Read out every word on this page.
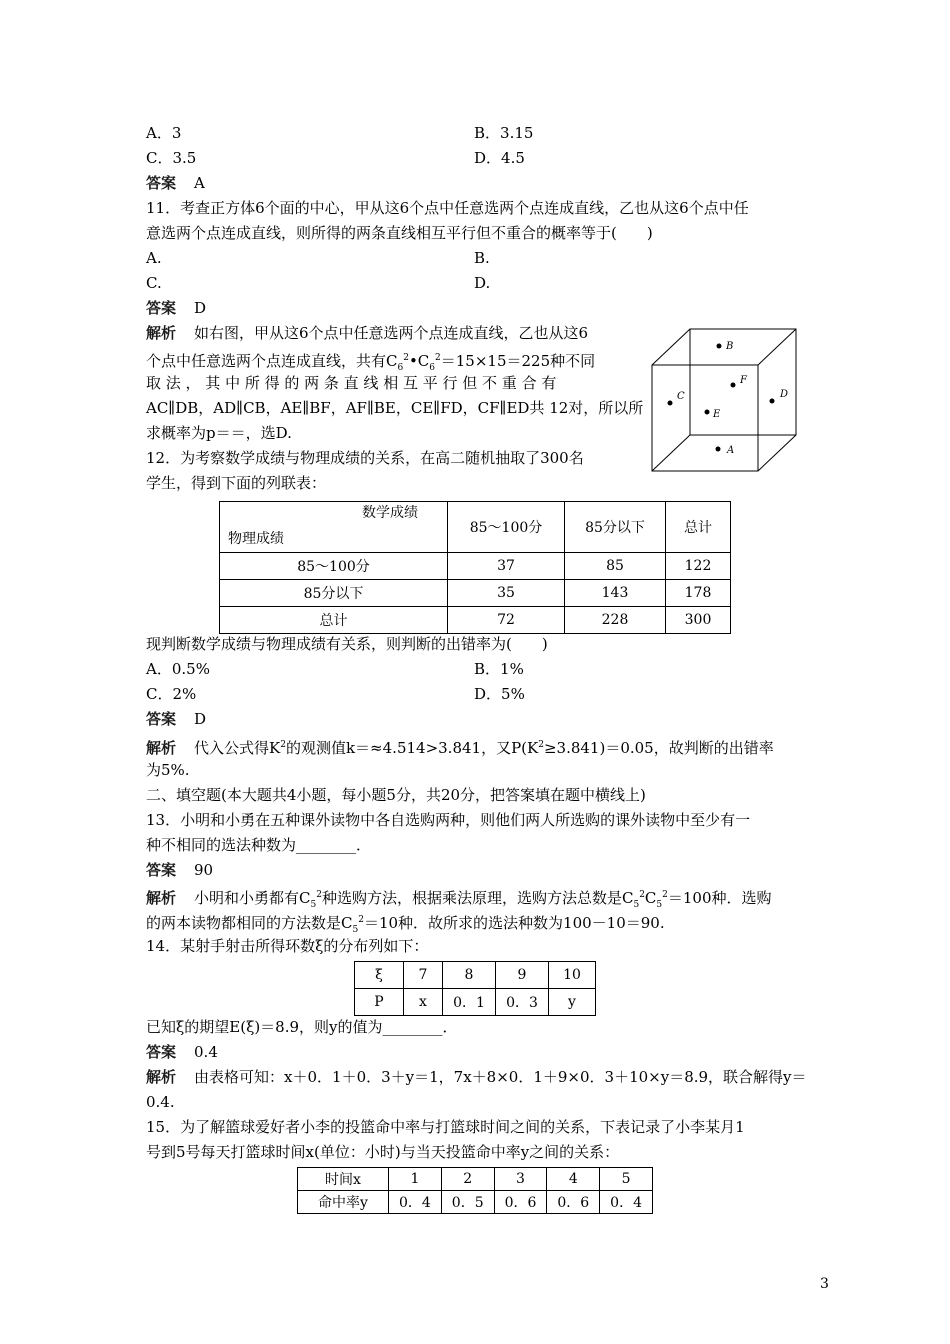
A．3	B．3.15
C．3.5	D．4.5
答案 A
11．考查正方体6个面的中心，甲从这6个点中任意选两个点连成直线，乙也从这6个点中任
意选两个点连成直线，则所得的两条直线相互平行但不重合的概率等于(　　)
A.	B.
C.	D.
答案 D
解析 如右图，甲从这6个点中任意选两个点连成直线，乙也从这6
个点中任意选两个点连成直线，共有$C_6^2•C_6^2=15\times 15=225$种不同
取 法 ， 其 中 所 得 的 两 条 直 线 相 互 平 行 但 不 重 合 有
AC∥DB，AD∥CB，AE∥BF，AF∥BE，CE∥FD，CF∥ED共 12对，所以所
求概率为p＝＝，选D.
B
F
C	D
E
A
12．为考察数学成绩与物理成绩的关系，在高二随机抽取了300名
学生，得到下面的列联表：
数学成绩
物理成绩	85～100分	85分以下	总计
85～100分	37	85	122
85分以下	35	143	178
总计	72	228	300
现判断数学成绩与物理成绩有关系，则判断的出错率为(　　)
A．0.5%	B．1%
C．2%	D．5%
答案 D
解析 代入公式得$K^2$的观测值k＝≈4.514>3.841，又$P(K^2\ge 3.841)=0.05$，故判断的出错率
为5%.
二、填空题(本大题共4小题，每小题5分，共20分，把答案填在题中横线上)
13．小明和小勇在五种课外读物中各自选购两种，则他们两人所选购的课外读物中至少有一
种不相同的选法种数为________．
答案 90
解析 小明和小勇都有$C_5^2$种选购方法，根据乘法原理，选购方法总数是$C_5^2C_5^2=100$种．选购
的两本读物都相同的方法数是$C_5^2=10$种．故所求的选法种数为100－10＝90.
14．某射手射击所得环数ξ的分布列如下：
ξ	7	8	9	10
P	x	0．1	0．3	y
已知ξ的期望E(ξ)＝8.9，则y的值为________．
答案 0.4
解析 由表格可知：x＋0．1＋0．3＋y＝1，7x＋8×0．1＋9×0．3＋10×y＝8.9，联合解得y＝
0.4.
15．为了解篮球爱好者小李的投篮命中率与打篮球时间之间的关系，下表记录了小李某月1
号到5号每天打篮球时间x(单位：小时)与当天投篮命中率y之间的关系：
时间x	1	2	3	4	5
命中率y	0．4	0．5	0．6	0．6	0．4
3
